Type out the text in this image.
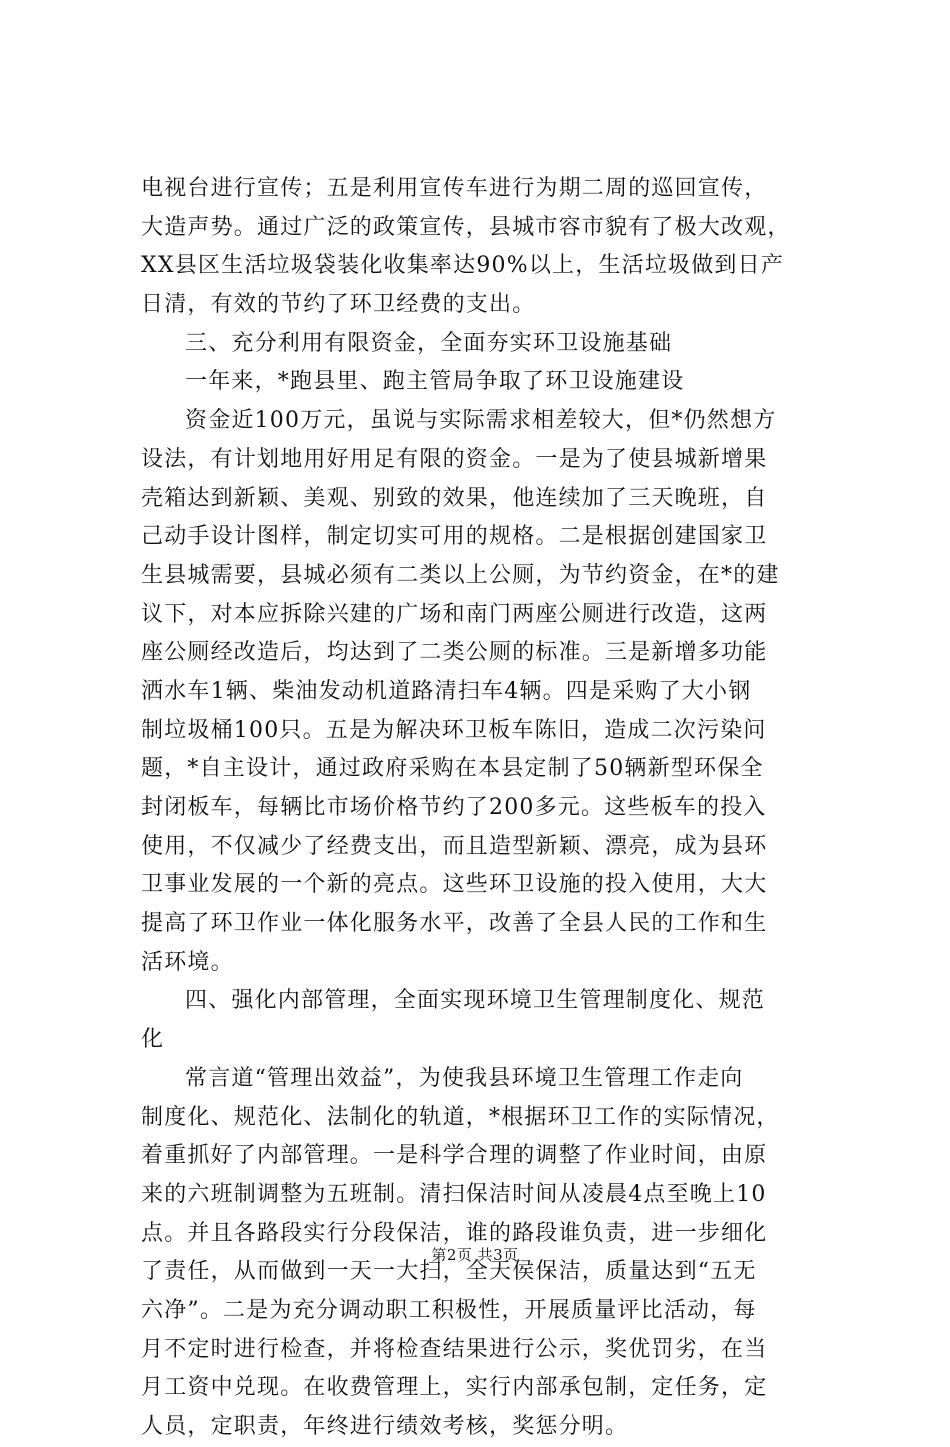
电视台进行宣传；五是利用宣传车进行为期二周的巡回宣传，
大造声势。通过广泛的政策宣传，县城市容市貌有了极大改观，
XX县区生活垃圾袋装化收集率达90%以上，生活垃圾做到日产
日清，有效的节约了环卫经费的支出。
三、充分利用有限资金，全面夯实环卫设施基础
一年来，*跑县里、跑主管局争取了环卫设施建设
资金近100万元，虽说与实际需求相差较大，但*仍然想方
设法，有计划地用好用足有限的资金。一是为了使县城新增果
壳箱达到新颖、美观、别致的效果，他连续加了三天晚班，自
己动手设计图样，制定切实可用的规格。二是根据创建国家卫
生县城需要，县城必须有二类以上公厕，为节约资金，在*的建
议下，对本应拆除兴建的广场和南门两座公厕进行改造，这两
座公厕经改造后，均达到了二类公厕的标准。三是新增多功能
洒水车1辆、柴油发动机道路清扫车4辆。四是采购了大小钢
制垃圾桶100只。五是为解决环卫板车陈旧，造成二次污染问
题，*自主设计，通过政府采购在本县定制了50辆新型环保全
封闭板车，每辆比市场价格节约了200多元。这些板车的投入
使用，不仅减少了经费支出，而且造型新颖、漂亮，成为县环
卫事业发展的一个新的亮点。这些环卫设施的投入使用，大大
提高了环卫作业一体化服务水平，改善了全县人民的工作和生
活环境。
四、强化内部管理，全面实现环境卫生管理制度化、规范
化
常言道“管理出效益”，为使我县环境卫生管理工作走向
制度化、规范化、法制化的轨道，*根据环卫工作的实际情况，
着重抓好了内部管理。一是科学合理的调整了作业时间，由原
来的六班制调整为五班制。清扫保洁时间从凌晨4点至晚上10
点。并且各路段实行分段保洁，谁的路段谁负责，进一步细化
了责任，从而做到一天一大扫，全天侯保洁，质量达到“五无
六净”。二是为充分调动职工积极性，开展质量评比活动，每
月不定时进行检查，并将检查结果进行公示，奖优罚劣，在当
月工资中兑现。在收费管理上，实行内部承包制，定任务，定
人员，定职责，年终进行绩效考核，奖惩分明。
第2页 共3页
